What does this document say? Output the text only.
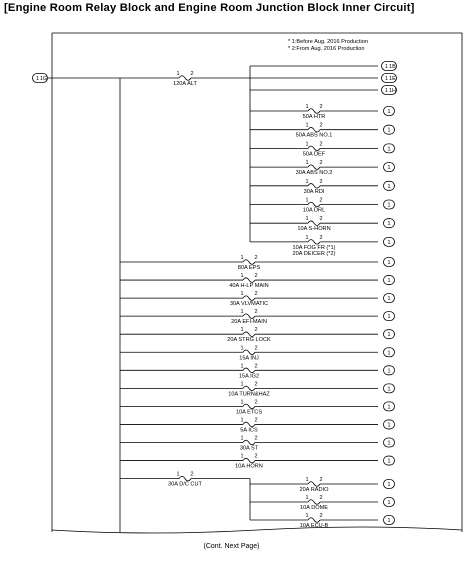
[Engine Room Relay Block and Engine Room Junction Block Inner Circuit]
1 2
120A ALT
1 2
50A HTR
1 2
50A ABS NO.1
1 2
50A DEF
1 2
30A ABS NO.2
1 2
30A RDI
1 2
10A DRL
1 2
10A S-HORN
1 2
10A FOG FR (*1)
20A DEICER (*2)
1 2
80A EPS
1 2
40A H-LP MAIN
1 2
30A VLVMATIC
1 2
20A EFI-MAIN
1 2
20A STRG LOCK
1 2
15A INJ
1 2
15A IG2
1 2
10A TURN&HAZ
1 2
10A ETCS
1 2
5A ICS
1 2
30A ST
1 2
10A HORN
1 2
30A D/C CUT
1 2
20A RADIO
1 2
10A DOME
1 2
10A ECU-B
1 1G
1 1B
1 1E
1 1H
1
1
1
1
1
1
1
1
1
1
1
1
1
1
1
1
1
1
1
1
1
1
1
* 1:Before Aug. 2016 Production
* 2:From Aug. 2016 Production
(Cont. Next Page)
